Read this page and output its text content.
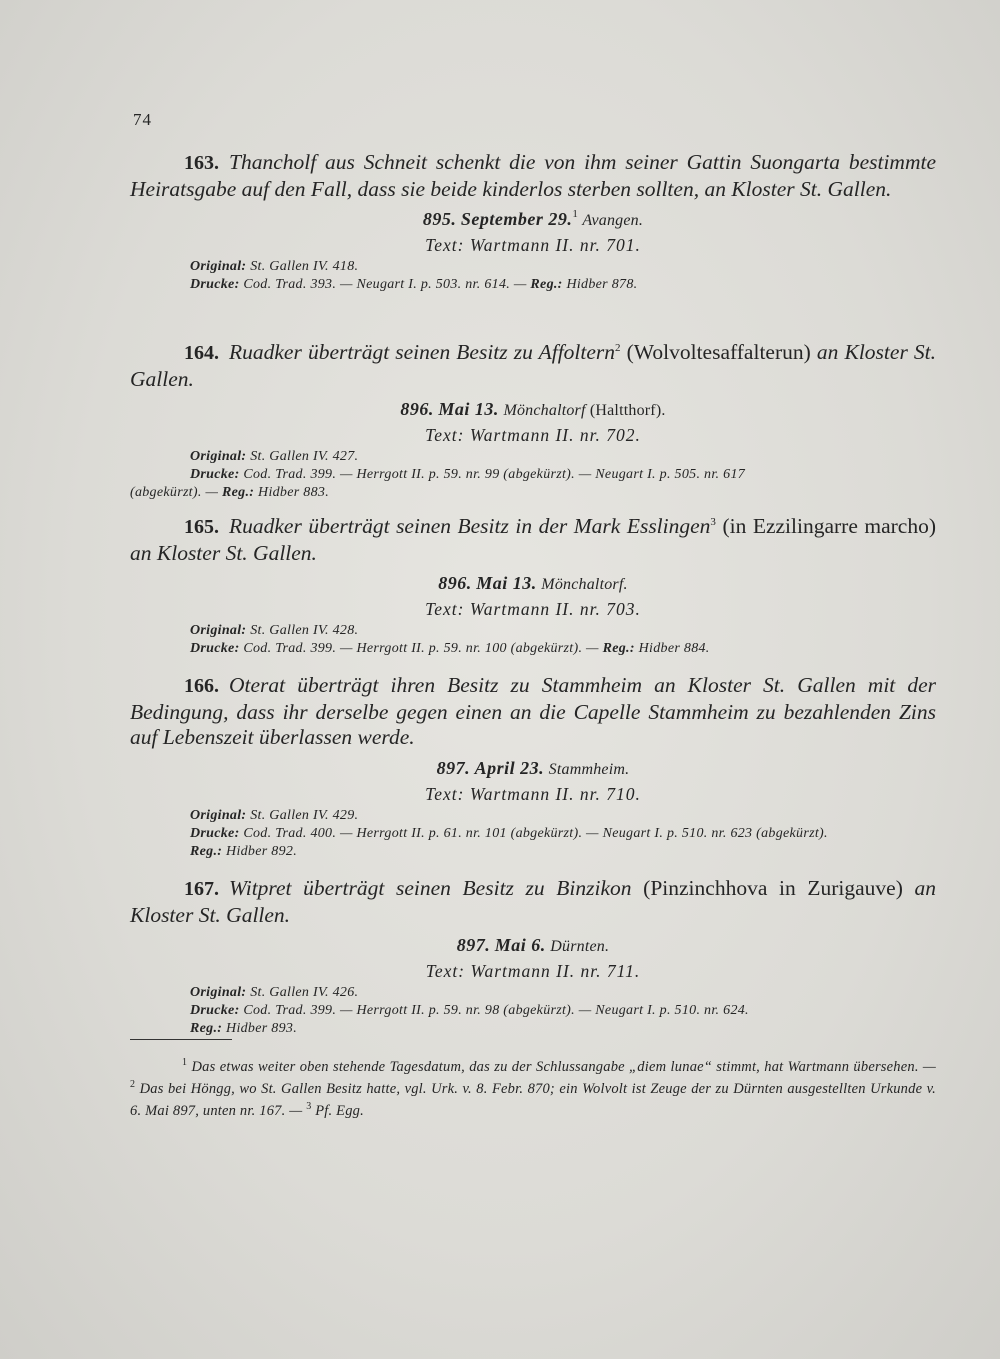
74
163. Thancholf aus Schneit schenkt die von ihm seiner Gattin Suongarta bestimmte Heiratsgabe auf den Fall, dass sie beide kinderlos sterben sollten, an Kloster St. Gallen.
895. September 29.$^1$ Avangen.
Text: Wartmann II. nr. 701.
Original: St. Gallen IV. 418.
Drucke: Cod. Trad. 393. — Neugart I. p. 503. nr. 614. — Reg.: Hidber 878.
164. Ruadker überträgt seinen Besitz zu Affoltern$^2$ (Wolvoltesaffalterun) an Kloster St. Gallen.
896. Mai 13. Mönchaltorf (Haltthorf).
Text: Wartmann II. nr. 702.
Original: St. Gallen IV. 427.
Drucke: Cod. Trad. 399. — Herrgott II. p. 59. nr. 99 (abgekürzt). — Neugart I. p. 505. nr. 617
(abgekürzt). — Reg.: Hidber 883.
165. Ruadker überträgt seinen Besitz in der Mark Esslingen$^3$ (in Ezzilingarre marcho) an Kloster St. Gallen.
896. Mai 13. Mönchaltorf.
Text: Wartmann II. nr. 703.
Original: St. Gallen IV. 428.
Drucke: Cod. Trad. 399. — Herrgott II. p. 59. nr. 100 (abgekürzt). — Reg.: Hidber 884.
166. Oterat überträgt ihren Besitz zu Stammheim an Kloster St. Gallen mit der Bedingung, dass ihr derselbe gegen einen an die Capelle Stammheim zu bezahlenden Zins auf Lebenszeit überlassen werde.
897. April 23. Stammheim.
Text: Wartmann II. nr. 710.
Original: St. Gallen IV. 429.
Drucke: Cod. Trad. 400. — Herrgott II. p. 61. nr. 101 (abgekürzt). — Neugart I. p. 510. nr. 623 (abgekürzt).
Reg.: Hidber 892.
167. Witpret überträgt seinen Besitz zu Binzikon (Pinzinchhova in Zurigauve) an Kloster St. Gallen.
897. Mai 6. Dürnten.
Text: Wartmann II. nr. 711.
Original: St. Gallen IV. 426.
Drucke: Cod. Trad. 399. — Herrgott II. p. 59. nr. 98 (abgekürzt). — Neugart I. p. 510. nr. 624.
Reg.: Hidber 893.
$^1$ Das etwas weiter oben stehende Tagesdatum, das zu der Schlussangabe „diem lunae“ stimmt, hat Wartmann übersehen. — $^2$ Das bei Höngg, wo St. Gallen Besitz hatte, vgl. Urk. v. 8. Febr. 870; ein Wolvolt ist Zeuge der zu Dürnten ausgestellten Urkunde v. 6. Mai 897, unten nr. 167. — $^3$ Pf. Egg.
